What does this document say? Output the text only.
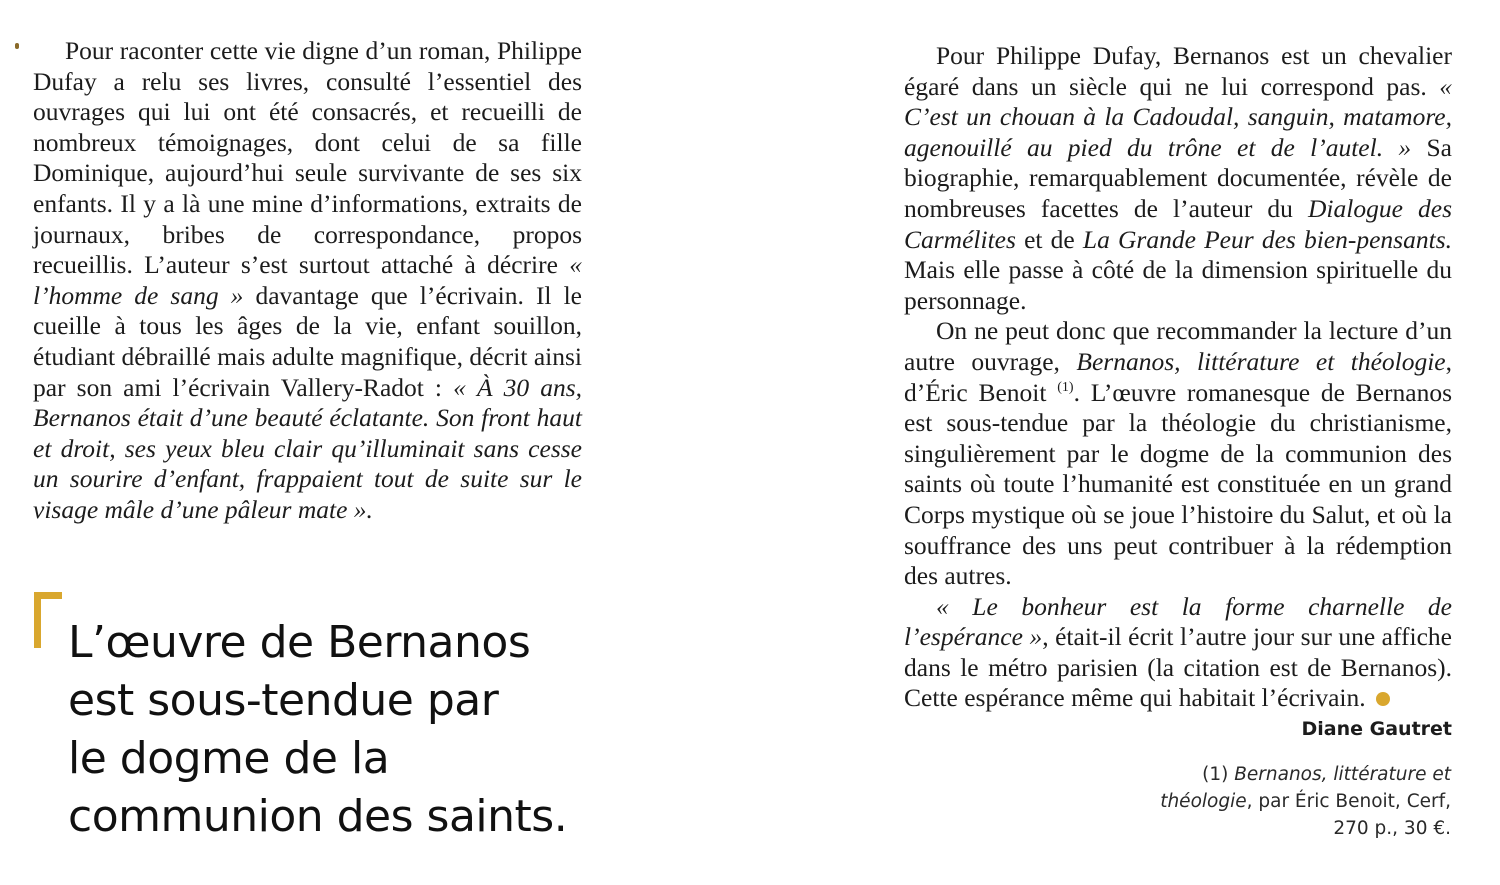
Pour raconter cette vie digne d’un roman, Philippe Dufay a relu ses livres, consulté l’essentiel des ouvrages qui lui ont été consacrés, et recueilli de nombreux témoignages, dont celui de sa fille Dominique, aujourd’hui seule survivante de ses six enfants. Il y a là une mine d’informations, extraits de journaux, bribes de correspondance, propos recueillis. L’auteur s’est surtout attaché à décrire « l’homme de sang » davantage que l’écrivain. Il le cueille à tous les âges de la vie, enfant souillon, étudiant débraillé mais adulte magnifique, décrit ainsi par son ami l’écrivain Vallery-Radot : « À 30 ans, Bernanos était d’une beauté éclatante. Son front haut et droit, ses yeux bleu clair qu’illuminait sans cesse un sourire d’enfant, frappaient tout de suite sur le visage mâle d’une pâleur mate ».

L’œuvre de Bernanos
est sous-tendue par
le dogme de la
communion des saints.

Pour Philippe Dufay, Bernanos est un chevalier égaré dans un siècle qui ne lui correspond pas. « C’est un chouan à la Cadoudal, sanguin, matamore, agenouillé au pied du trône et de l’autel. » Sa biographie, remarquablement documentée, révèle de nombreuses facettes de l’auteur du Dialogue des Carmélites et de La Grande Peur des bien-pensants. Mais elle passe à côté de la dimension spirituelle du personnage.

On ne peut donc que recommander la lecture d’un autre ouvrage, Bernanos, littérature et théologie, d’Éric Benoit $^{(1)}$. L’œuvre romanesque de Bernanos est sous-tendue par la théologie du christianisme, singulièrement par le dogme de la communion des saints où toute l’humanité est constituée en un grand Corps mystique où se joue l’histoire du Salut, et où la souffrance des uns peut contribuer à la rédemption des autres.

« Le bonheur est la forme charnelle de l’espérance », était-il écrit l’autre jour sur une affiche dans le métro parisien (la citation est de Bernanos). Cette espérance même qui habitait l’écrivain.

Diane Gautret
(1) Bernanos, littérature et théologie, par Éric Benoit, Cerf, 270 p., 30 €.
